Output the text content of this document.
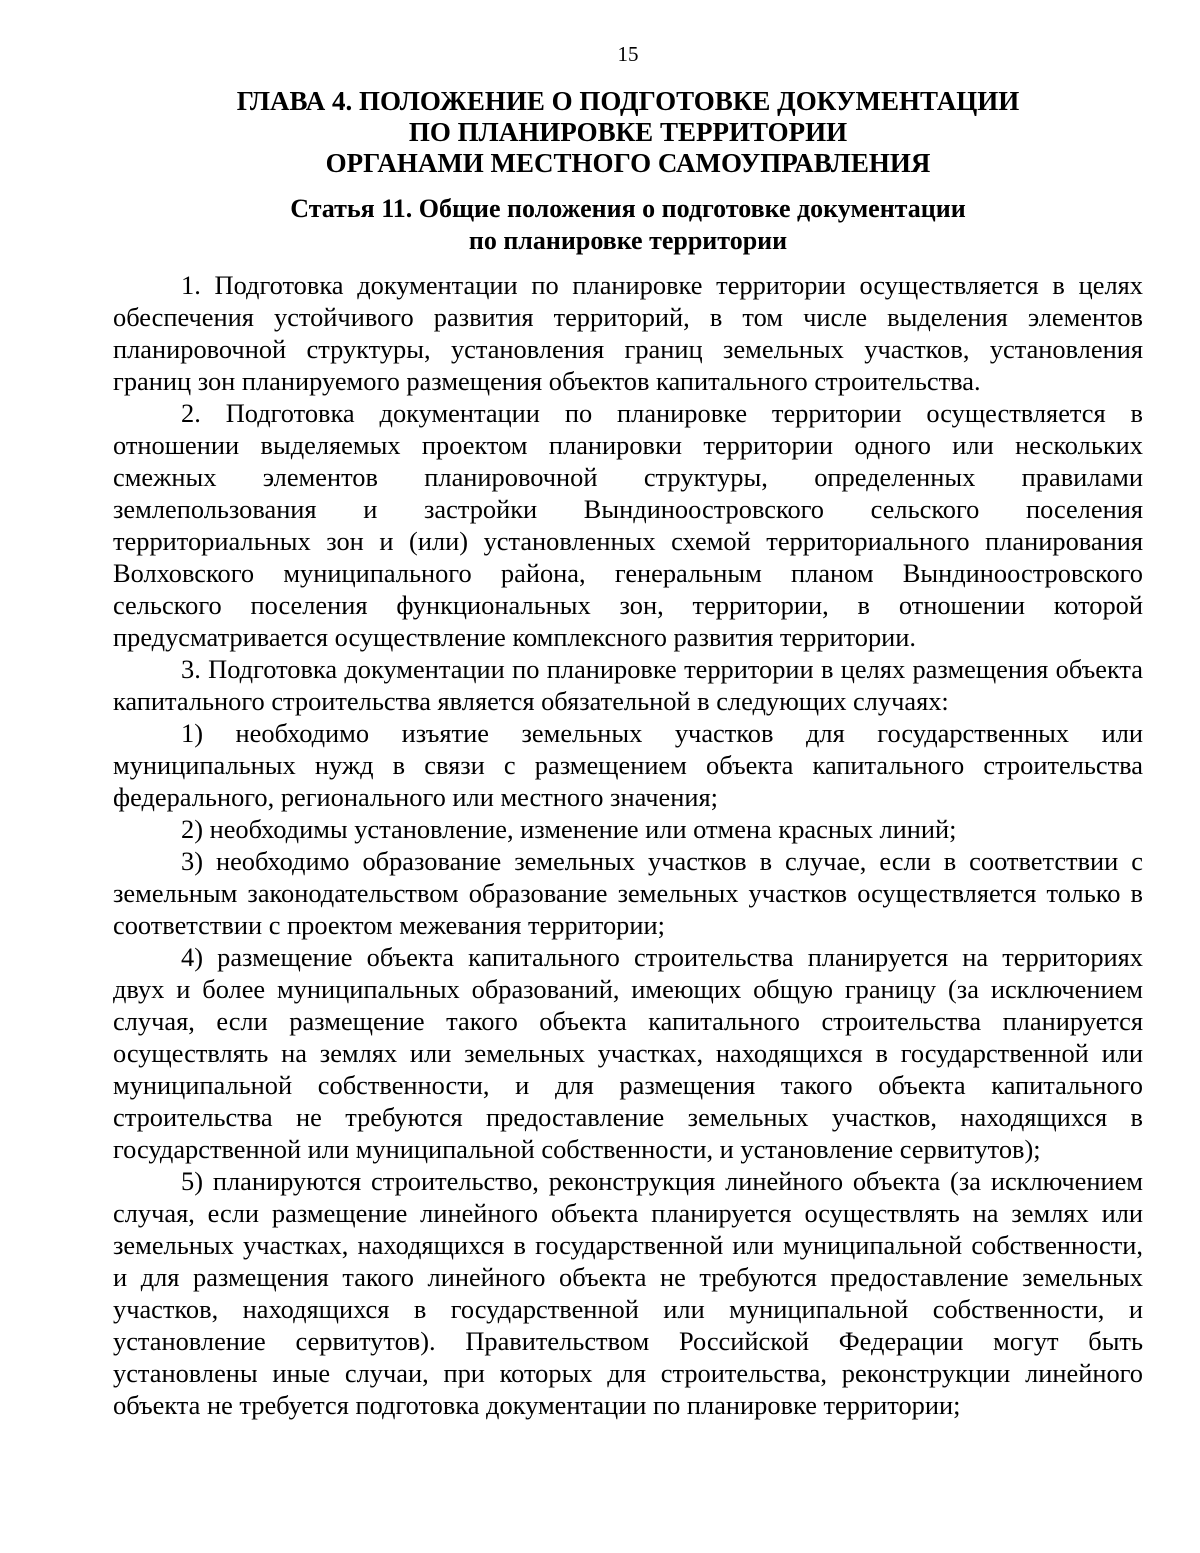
15
ГЛАВА 4. ПОЛОЖЕНИЕ О ПОДГОТОВКЕ ДОКУМЕНТАЦИИ
ПО ПЛАНИРОВКЕ ТЕРРИТОРИИ
ОРГАНАМИ МЕСТНОГО САМОУПРАВЛЕНИЯ
Статья 11. Общие положения о подготовке документации
по планировке территории

1. Подготовка документации по планировке территории осуществляется в целях обеспечения устойчивого развития территорий, в том числе выделения элементов планировочной структуры, установления границ земельных участков, установления границ зон планируемого размещения объектов капитального строительства.

2. Подготовка документации по планировке территории осуществляется в отношении выделяемых проектом планировки территории одного или нескольких смежных элементов планировочной структуры, определенных правилами землепользования и застройки Вындиноостровского сельского поселения территориальных зон и (или) установленных схемой территориального планирования Волховского муниципального района, генеральным планом Вындиноостровского сельского поселения функциональных зон, территории, в отношении которой предусматривается осуществление комплексного развития территории.

3. Подготовка документации по планировке территории в целях размещения объекта капитального строительства является обязательной в следующих случаях:

1) необходимо изъятие земельных участков для государственных или муниципальных нужд в связи с размещением объекта капитального строительства федерального, регионального или местного значения;

2) необходимы установление, изменение или отмена красных линий;

3) необходимо образование земельных участков в случае, если в соответствии с земельным законодательством образование земельных участков осуществляется только в соответствии с проектом межевания территории;

4) размещение объекта капитального строительства планируется на территориях двух и более муниципальных образований, имеющих общую границу (за исключением случая, если размещение такого объекта капитального строительства планируется осуществлять на землях или земельных участках, находящихся в государственной или муниципальной собственности, и для размещения такого объекта капитального строительства не требуются предоставление земельных участков, находящихся в государственной или муниципальной собственности, и установление сервитутов);

5) планируются строительство, реконструкция линейного объекта (за исключением случая, если размещение линейного объекта планируется осуществлять на землях или земельных участках, находящихся в государственной или муниципальной собственности, и для размещения такого линейного объекта не требуются предоставление земельных участков, находящихся в государственной или муниципальной собственности, и установление сервитутов). Правительством Российской Федерации могут быть установлены иные случаи, при которых для строительства, реконструкции линейного объекта не требуется подготовка документации по планировке территории;
